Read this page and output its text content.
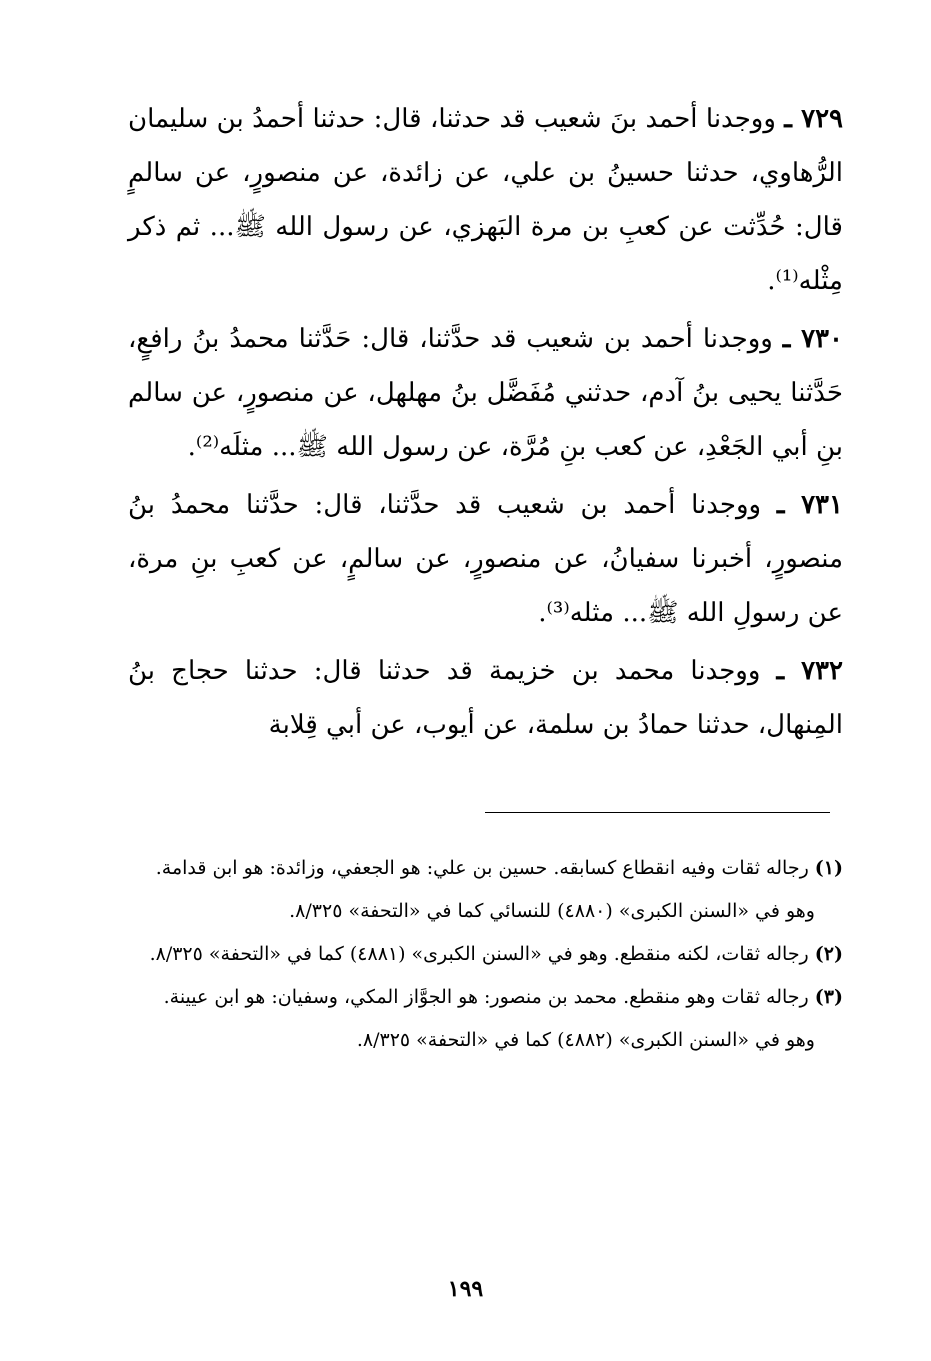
٧٢٩ ـ ووجدنا أحمد بنَ شعيب قد حدثنا، قال: حدثنا أحمدُ بن سليمان الرُّهاوي، حدثنا حسينُ بن علي، عن زائدة، عن منصورٍ، عن سالمٍ قال: حُدِّثت عن كعبِ بن مرة البَهزي، عن رسول الله ﷺ... ثم ذكر مِثْله⁽¹⁾.

٧٣٠ ـ ووجدنا أحمد بن شعيب قد حدَّثنا، قال: حَدَّثنا محمدُ بنُ رافعٍ، حَدَّثنا يحيى بنُ آدم، حدثني مُفَضَّل بنُ مهلهل، عن منصورٍ، عن سالم بنِ أبي الجَعْدِ، عن كعب بنِ مُرَّة، عن رسول الله ﷺ... مثلَه⁽²⁾.

٧٣١ ـ ووجدنا أحمد بن شعيب قد حدَّثنا، قال: حدَّثنا محمدُ بنُ منصورٍ، أخبرنا سفيانُ، عن منصورٍ، عن سالمٍ، عن كعبِ بنِ مرة، عن رسولِ الله ﷺ... مثله⁽³⁾.

٧٣٢ ـ ووجدنا محمد بن خزيمة قد حدثنا قال: حدثنا حجاج بنُ المِنهال، حدثنا حمادُ بن سلمة، عن أيوب، عن أبي قِلابة

(١) رجاله ثقات وفيه انقطاع كسابقه. حسين بن علي: هو الجعفي، وزائدة: هو ابن قدامة.

وهو في «السنن الكبرى» (٤٨٨٠) للنسائي كما في «التحفة» ٨/٣٢٥.

(٢) رجاله ثقات، لكنه منقطع. وهو في «السنن الكبرى» (٤٨٨١) كما في «التحفة» ٨/٣٢٥.

(٣) رجاله ثقات وهو منقطع. محمد بن منصور: هو الجوَّاز المكي، وسفيان: هو ابن عيينة.

وهو في «السنن الكبرى» (٤٨٨٢) كما في «التحفة» ٨/٣٢٥.

١٩٩
